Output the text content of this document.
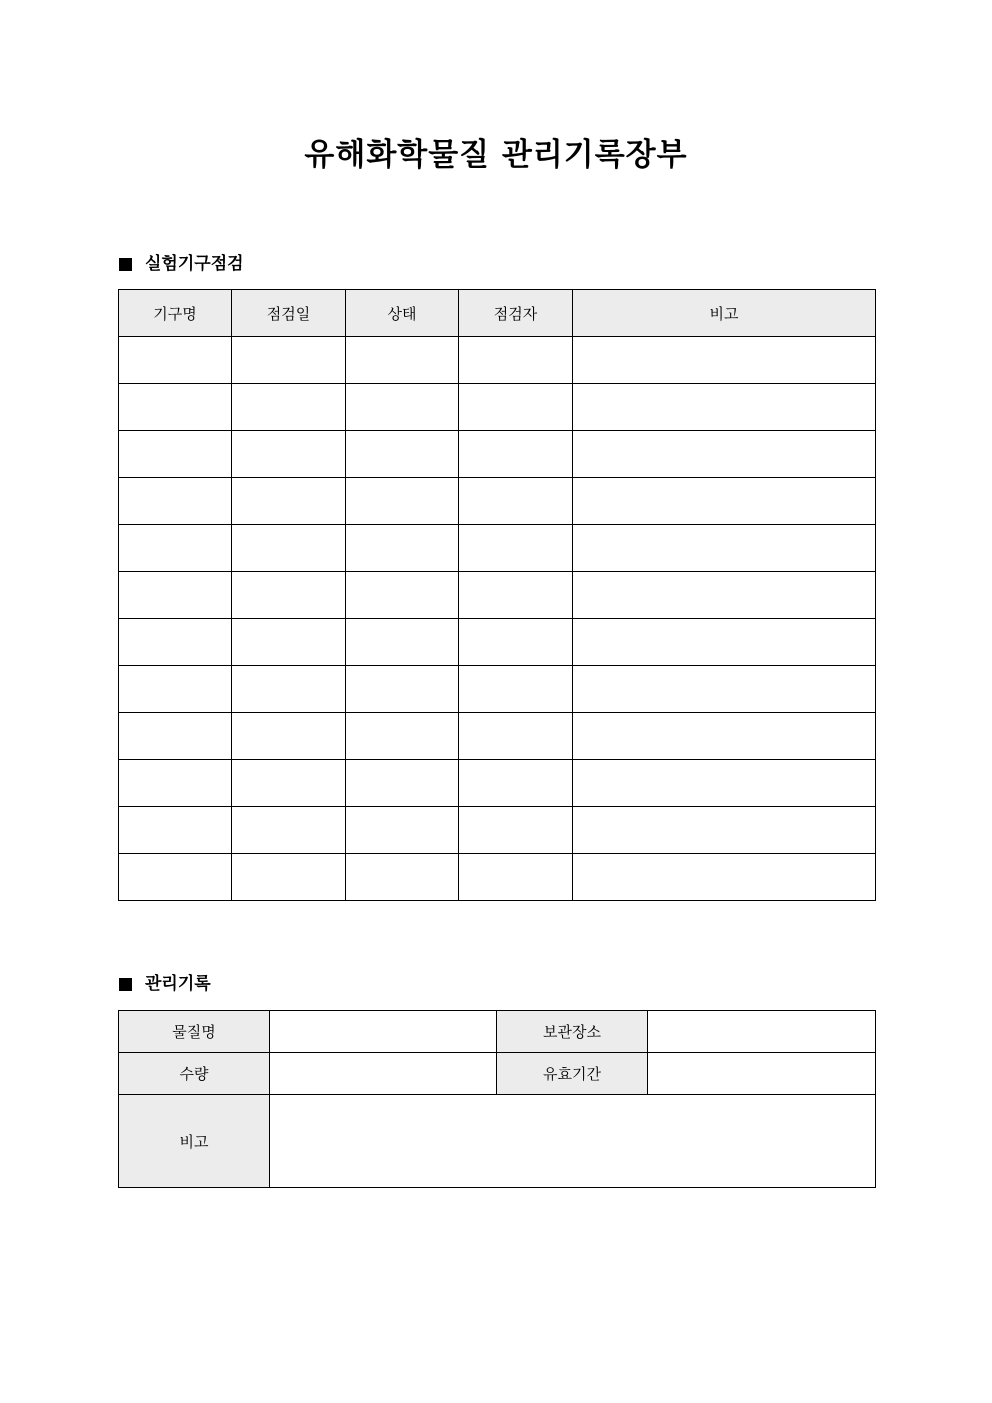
유해화학물질 관리기록장부
실험기구점검
기구명	점검일	상태	점검자	비고

관리기록
물질명		보관장소	
수량		유효기간	
비고			
